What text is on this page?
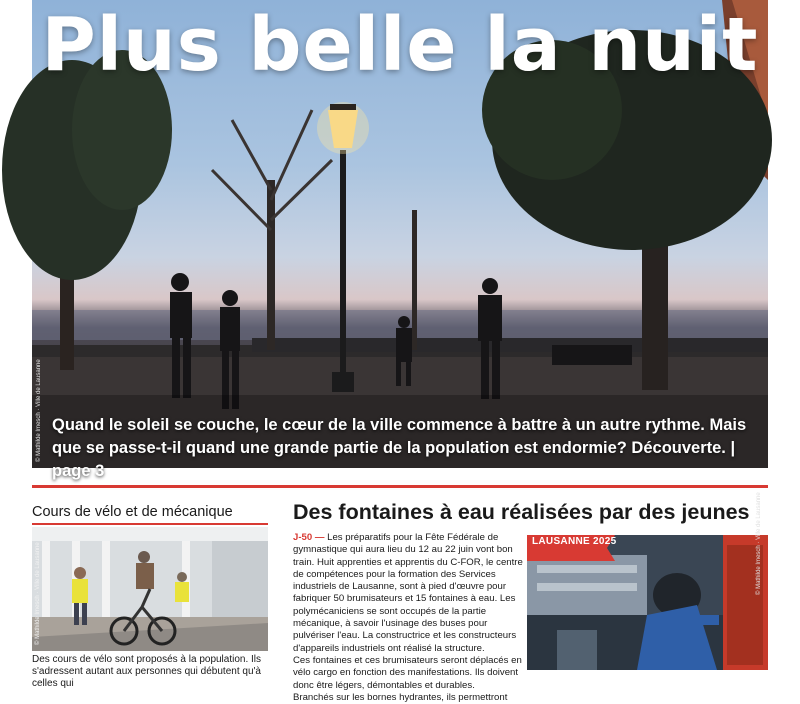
Plus belle la nuit

Quand le soleil se couche, le cœur de la ville commence à battre à un autre rythme. Mais que se passe-t-il quand une grande partie de la population est endormie? Découverte. | page 3

© Mathilde Imesch · Ville de Lausanne
Cours de vélo et de mécanique
© Mathilde Imesch · Ville de Lausanne

Des cours de vélo sont proposés à la population. Ils s'adressent autant aux personnes qui débutent qu'à celles qui

Des fontaines à eau réalisées par des jeunes

J-50 — Les préparatifs pour la Fête Fédérale de gymnastique qui aura lieu du 12 au 22 juin vont bon train. Huit apprenties et apprentis du C-FOR, le centre de compétences pour la formation des Services industriels de Lausanne, sont à pied d'œuvre pour fabriquer 50 brumisateurs et 15 fontaines à eau. Les polymécaniciens se sont occupés de la partie mécanique, à savoir l'usinage des buses pour pulvériser l'eau. La constructrice et les constructeurs d'appareils industriels ont réalisé la structure.

Ces fontaines et ces brumisateurs seront déplacés en vélo cargo en fonction des manifestations. Ils doivent donc être légers, démontables et durables.

Branchés sur les bornes hydrantes, ils permettront

LAUSANNE 2025	© Mathilde Imesch · Ville de Lausanne
